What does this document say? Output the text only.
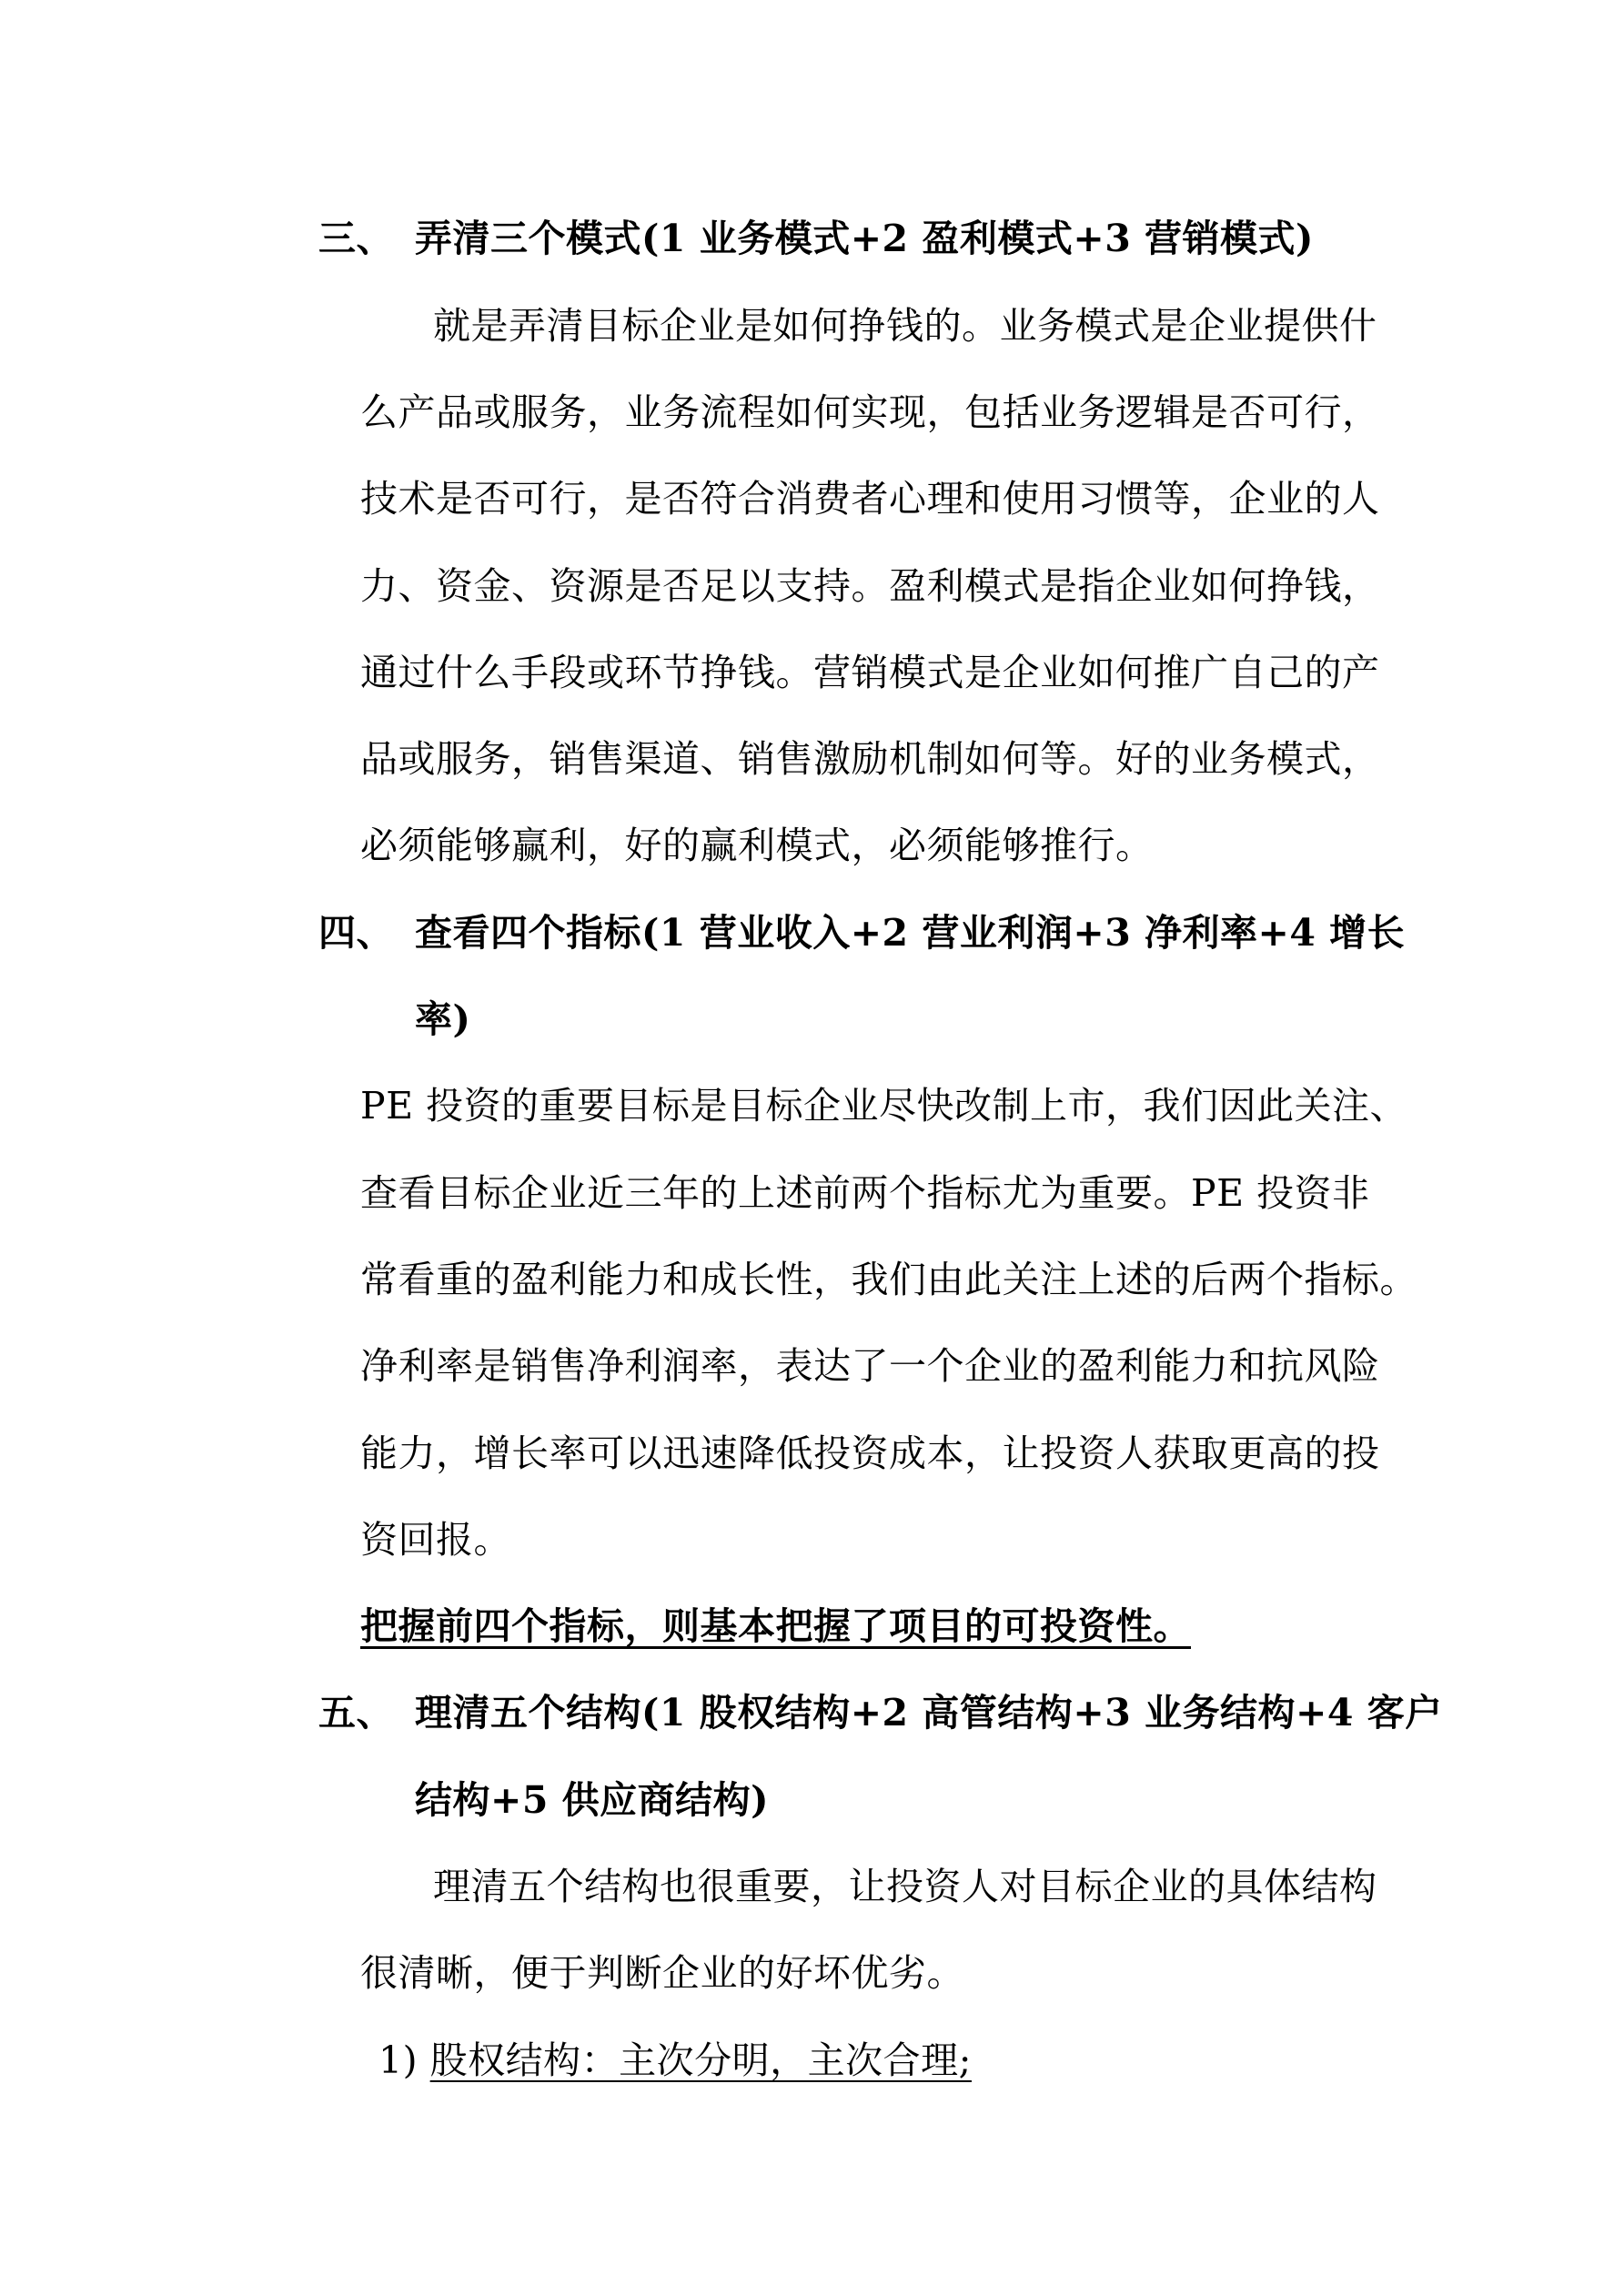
三、 弄清三个模式(1 业务模式+2 盈利模式+3 营销模式)
就是弄清目标企业是如何挣钱的。业务模式是企业提供什
么产品或服务，业务流程如何实现，包括业务逻辑是否可行，
技术是否可行，是否符合消费者心理和使用习惯等，企业的人
力、资金、资源是否足以支持。盈利模式是指企业如何挣钱，
通过什么手段或环节挣钱。营销模式是企业如何推广自己的产
品或服务，销售渠道、销售激励机制如何等。好的业务模式，
必须能够赢利，好的赢利模式，必须能够推行。
四、 查看四个指标(1 营业收入+2 营业利润+3 净利率+4 增长
率)
PE 投资的重要目标是目标企业尽快改制上市，我们因此关注、
查看目标企业近三年的上述前两个指标尤为重要。PE 投资非
常看重的盈利能力和成长性，我们由此关注上述的后两个指标。
净利率是销售净利润率，表达了一个企业的盈利能力和抗风险
能力，增长率可以迅速降低投资成本，让投资人获取更高的投
资回报。
把握前四个指标，则基本把握了项目的可投资性。
五、 理清五个结构(1 股权结构+2 高管结构+3 业务结构+4 客户
结构+5 供应商结构)
理清五个结构也很重要，让投资人对目标企业的具体结构
很清晰，便于判断企业的好坏优劣。
1) 股权结构：主次分明，主次合理;
